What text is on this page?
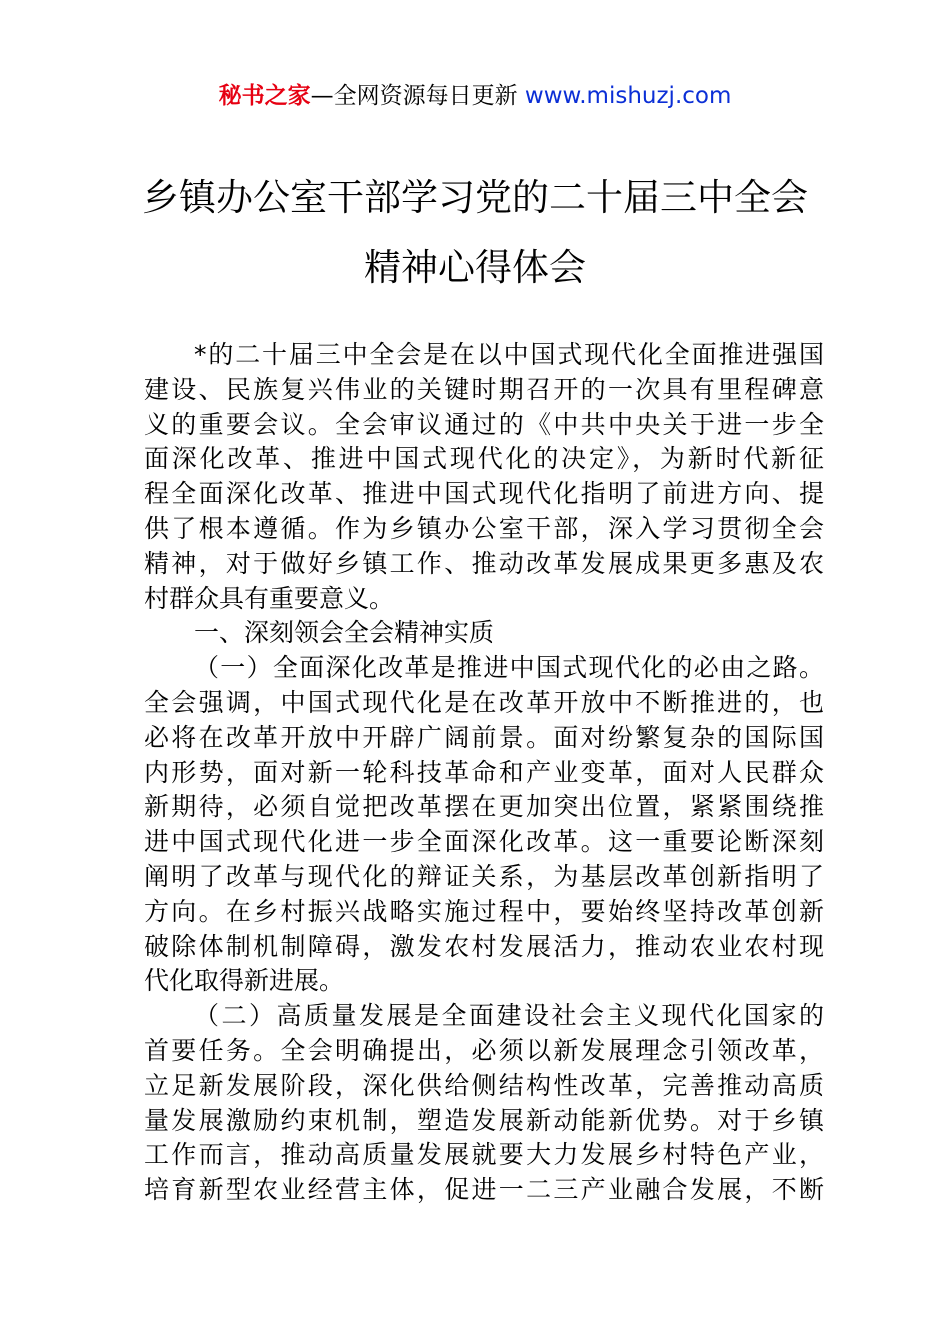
秘书之家—全网资源每日更新 www.mishuzj.com
乡镇办公室干部学习党的二十届三中全会
精神心得体会
*的二十届三中全会是在以中国式现代化全面推进强国
建设、民族复兴伟业的关键时期召开的一次具有里程碑意
义的重要会议。全会审议通过的《中共中央关于进一步全
面深化改革、推进中国式现代化的决定》，为新时代新征
程全面深化改革、推进中国式现代化指明了前进方向、提
供了根本遵循。作为乡镇办公室干部，深入学习贯彻全会
精神，对于做好乡镇工作、推动改革发展成果更多惠及农
村群众具有重要意义。
一、深刻领会全会精神实质
（一）全面深化改革是推进中国式现代化的必由之路。
全会强调，中国式现代化是在改革开放中不断推进的，也
必将在改革开放中开辟广阔前景。面对纷繁复杂的国际国
内形势，面对新一轮科技革命和产业变革，面对人民群众
新期待，必须自觉把改革摆在更加突出位置，紧紧围绕推
进中国式现代化进一步全面深化改革。这一重要论断深刻
阐明了改革与现代化的辩证关系，为基层改革创新指明了
方向。在乡村振兴战略实施过程中，要始终坚持改革创新
破除体制机制障碍，激发农村发展活力，推动农业农村现
代化取得新进展。
（二）高质量发展是全面建设社会主义现代化国家的
首要任务。全会明确提出，必须以新发展理念引领改革，
立足新发展阶段，深化供给侧结构性改革，完善推动高质
量发展激励约束机制，塑造发展新动能新优势。对于乡镇
工作而言，推动高质量发展就要大力发展乡村特色产业，
培育新型农业经营主体，促进一二三产业融合发展，不断
